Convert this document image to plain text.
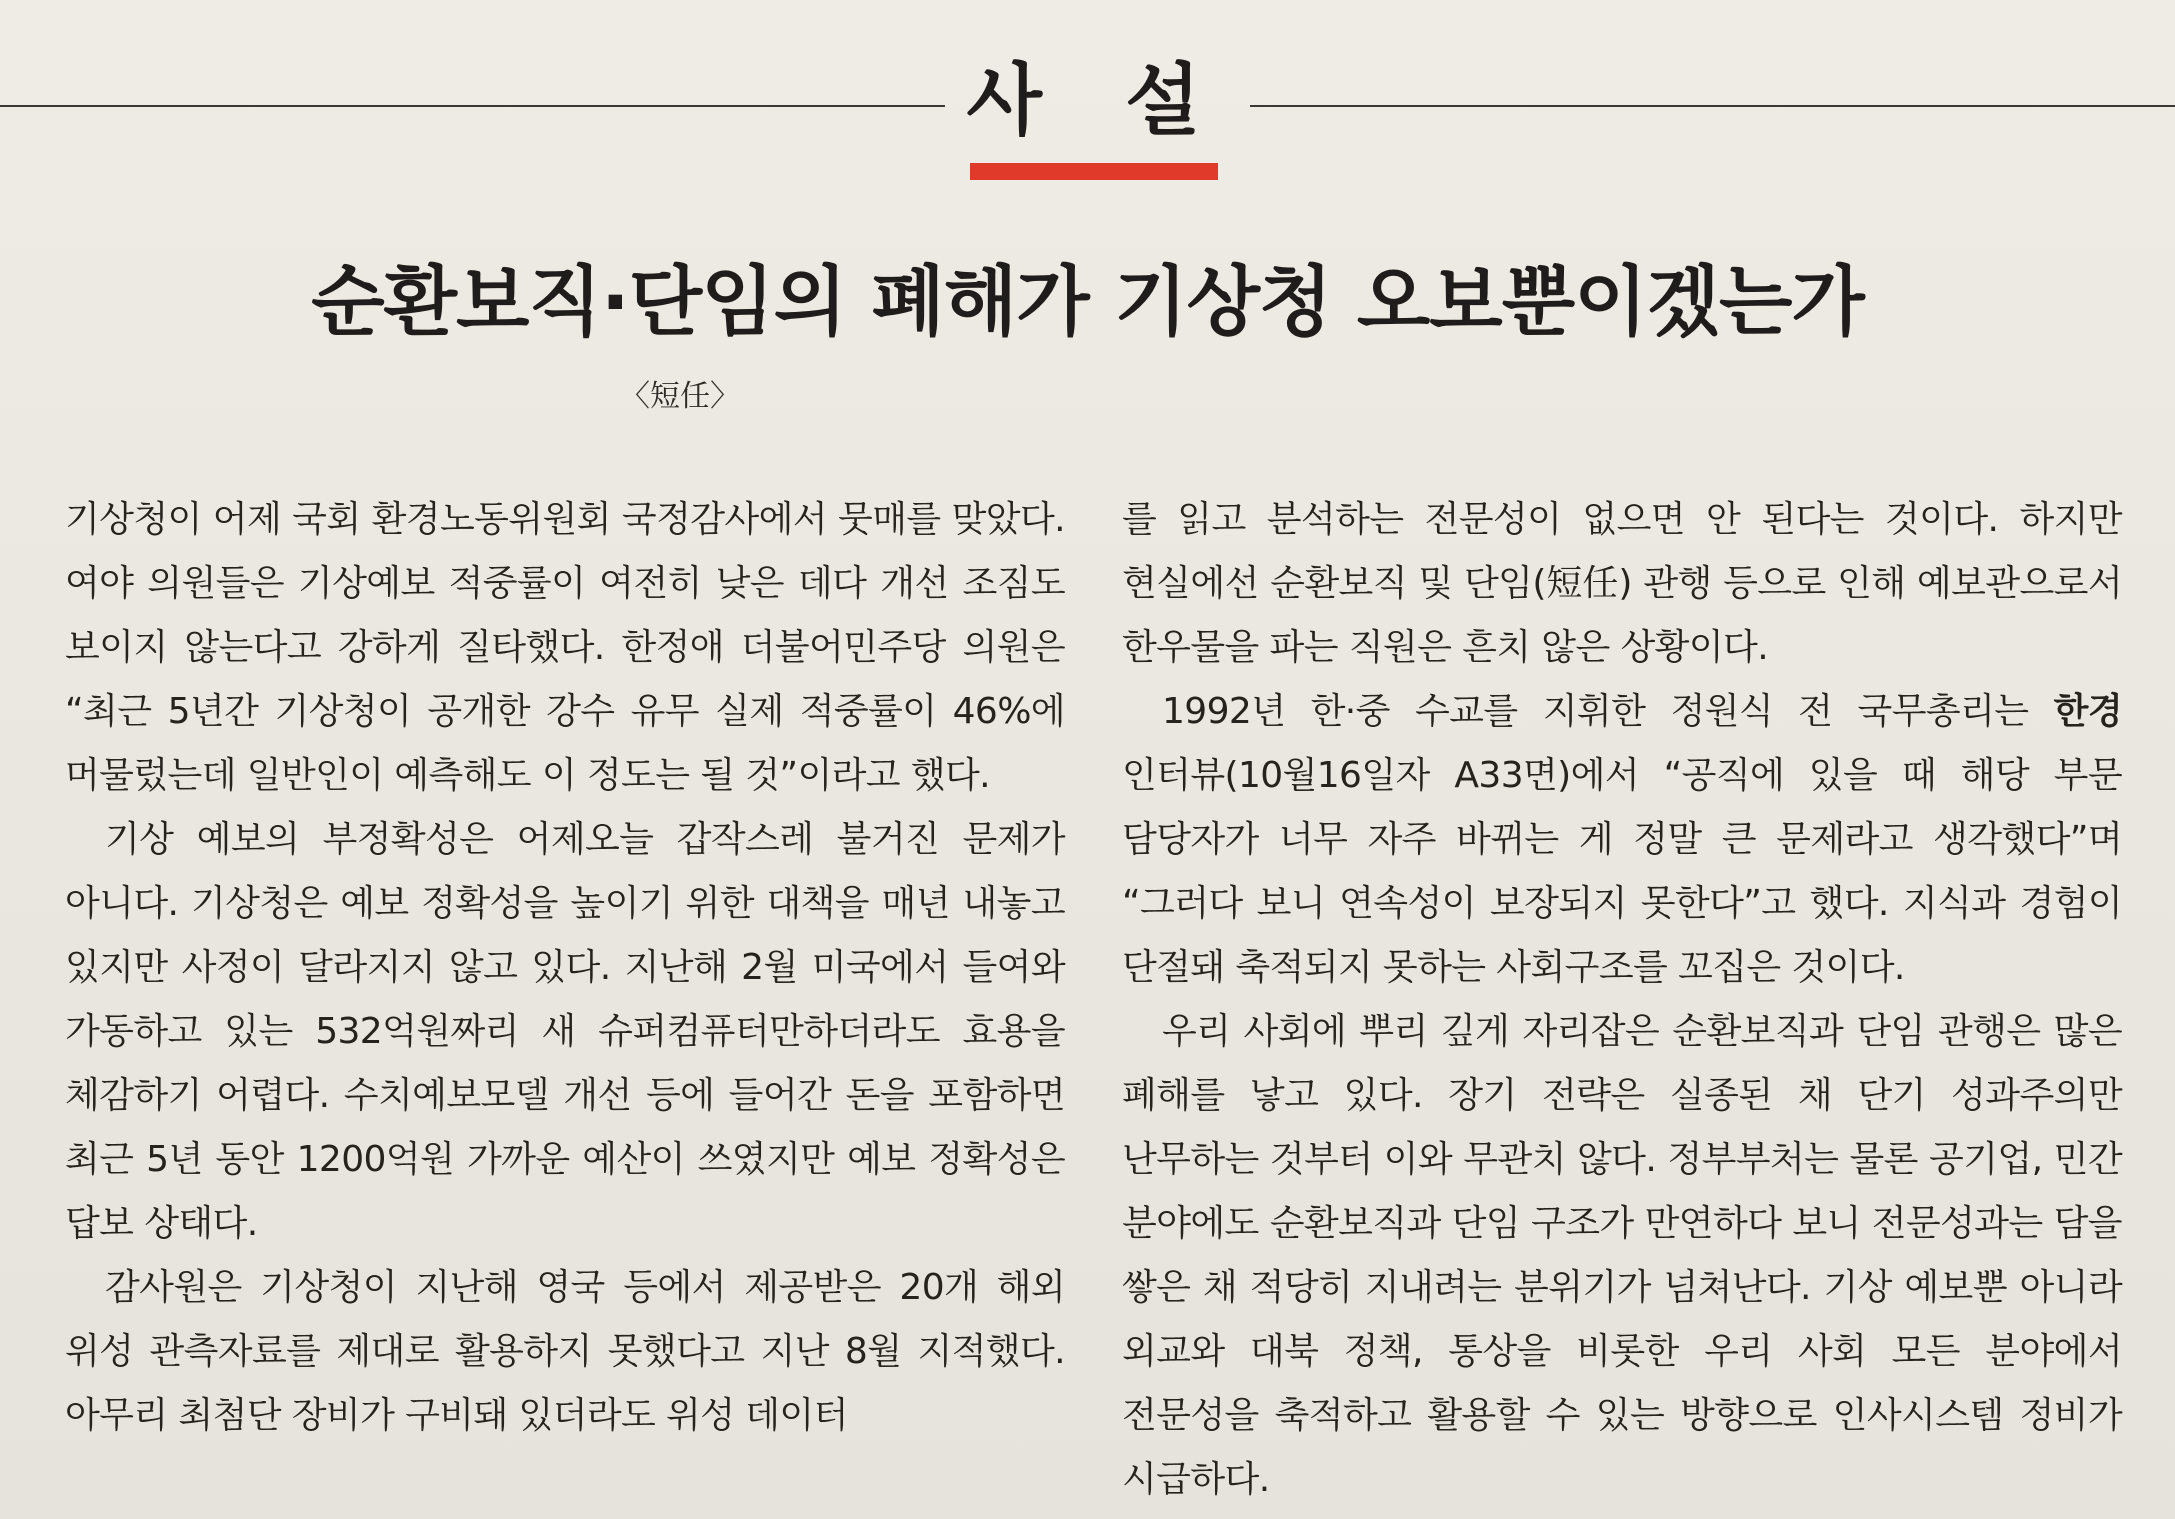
사 설
순환보직·단임의 폐해가 기상청 오보뿐이겠는가
〈短任〉

기상청이 어제 국회 환경노동위원회 국정감사에서 뭇매를 맞았다. 여야 의원들은 기상예보 적중률이 여전히 낮은 데다 개선 조짐도 보이지 않는다고 강하게 질타했다. 한정애 더불어민주당 의원은 “최근 5년간 기상청이 공개한 강수 유무 실제 적중률이 46%에 머물렀는데 일반인이 예측해도 이 정도는 될 것”이라고 했다.

기상 예보의 부정확성은 어제오늘 갑작스레 불거진 문제가 아니다. 기상청은 예보 정확성을 높이기 위한 대책을 매년 내놓고 있지만 사정이 달라지지 않고 있다. 지난해 2월 미국에서 들여와 가동하고 있는 532억원짜리 새 슈퍼컴퓨터만하더라도 효용을 체감하기 어렵다. 수치예보모델 개선 등에 들어간 돈을 포함하면 최근 5년 동안 1200억원 가까운 예산이 쓰였지만 예보 정확성은 답보 상태다.

감사원은 기상청이 지난해 영국 등에서 제공받은 20개 해외 위성 관측자료를 제대로 활용하지 못했다고 지난 8월 지적했다. 아무리 최첨단 장비가 구비돼 있더라도 위성 데이터

를 읽고 분석하는 전문성이 없으면 안 된다는 것이다. 하지만 현실에선 순환보직 및 단임(短任) 관행 등으로 인해 예보관으로서 한우물을 파는 직원은 흔치 않은 상황이다.

1992년 한·중 수교를 지휘한 정원식 전 국무총리는 한경 인터뷰(10월16일자 A33면)에서 “공직에 있을 때 해당 부문 담당자가 너무 자주 바뀌는 게 정말 큰 문제라고 생각했다”며 “그러다 보니 연속성이 보장되지 못한다”고 했다. 지식과 경험이 단절돼 축적되지 못하는 사회구조를 꼬집은 것이다.

우리 사회에 뿌리 깊게 자리잡은 순환보직과 단임 관행은 많은 폐해를 낳고 있다. 장기 전략은 실종된 채 단기 성과주의만 난무하는 것부터 이와 무관치 않다. 정부부처는 물론 공기업, 민간 분야에도 순환보직과 단임 구조가 만연하다 보니 전문성과는 담을 쌓은 채 적당히 지내려는 분위기가 넘쳐난다. 기상 예보뿐 아니라 외교와 대북 정책, 통상을 비롯한 우리 사회 모든 분야에서 전문성을 축적하고 활용할 수 있는 방향으로 인사시스템 정비가 시급하다.
